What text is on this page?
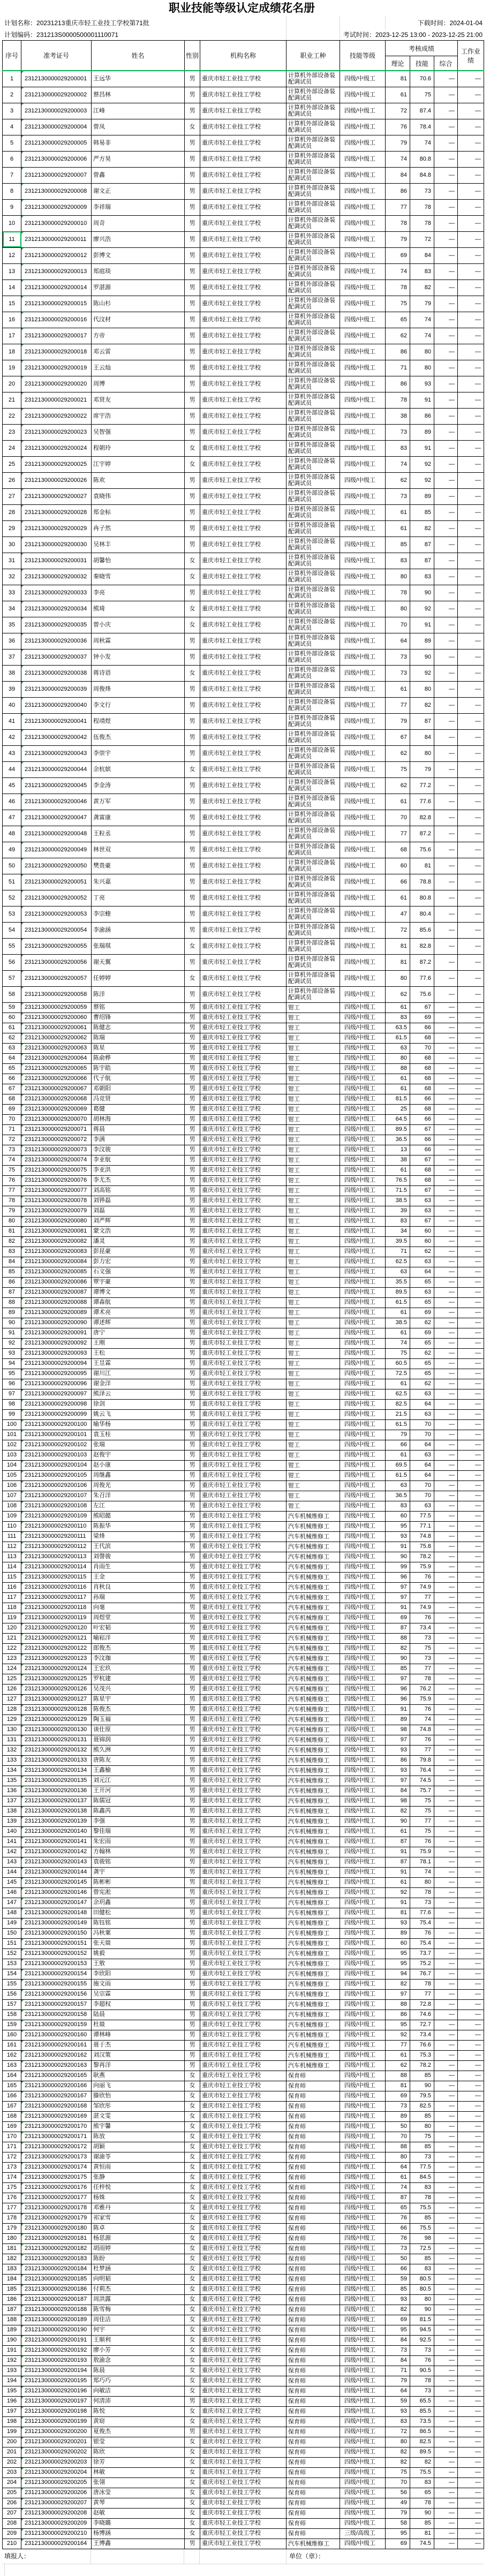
职业技能等级认定成绩花名册
计划名称：20231213重庆市轻工业技工学校第71批	下载时间：2024-01-04
计划编码：231213S0000500001110071	考试时间：2023-12-25 13:00 - 2023-12-25 21:00
序号	准考证号	姓名	性别	机构名称	职业工种	技能等级	考核成绩			工作业绩
							理论	技能	综合	
1	2312130000029200001	王远华	男	重庆市轻工业技工学校	计算机外部设备装配调试员	四级/中级工	81	70.6	—	—
2	2312130000029200002	蔡昌林	男	重庆市轻工业技工学校	计算机外部设备装配调试员	四级/中级工	61	75	—	—
3	2312130000029200003	江峰	男	重庆市轻工业技工学校	计算机外部设备装配调试员	四级/中级工	72	87.4	—	—
4	2312130000029200004	曾凤	女	重庆市轻工业技工学校	计算机外部设备装配调试员	四级/中级工	76	78.4	—	—
5	2312130000029200005	韩易非	男	重庆市轻工业技工学校	计算机外部设备装配调试员	四级/中级工	79	74	—	—
6	2312130000029200006	严方昊	男	重庆市轻工业技工学校	计算机外部设备装配调试员	四级/中级工	74	80.8	—	—
7	2312130000029200007	曾鑫	男	重庆市轻工业技工学校	计算机外部设备装配调试员	四级/中级工	84	84.8	—	—
8	2312130000029200008	谢文正	男	重庆市轻工业技工学校	计算机外部设备装配调试员	四级/中级工	86	73	—	—
9	2312130000029200009	李祥瑞	男	重庆市轻工业技工学校	计算机外部设备装配调试员	四级/中级工	77	78	—	—
10	2312130000029200010	周奇	男	重庆市轻工业技工学校	计算机外部设备装配调试员	四级/中级工	78	78	—	—
11	2312130000029200011	廖兴浩	男	重庆市轻工业技工学校	计算机外部设备装配调试员	四级/中级工	79	72	—	—
12	2312130000029200012	彭博文	男	重庆市轻工业技工学校	计算机外部设备装配调试员	四级/中级工	69	84	—	—
13	2312130000029200013	郑庭琰	男	重庆市轻工业技工学校	计算机外部设备装配调试员	四级/中级工	74	83	—	—
14	2312130000029200014	罗湛源	男	重庆市轻工业技工学校	计算机外部设备装配调试员	四级/中级工	78	82	—	—
15	2312130000029200015	陈山杉	男	重庆市轻工业技工学校	计算机外部设备装配调试员	四级/中级工	75	79	—	—
16	2312130000029200016	代汶材	男	重庆市轻工业技工学校	计算机外部设备装配调试员	四级/中级工	65	74	—	—
17	2312130000029200017	方帝	男	重庆市轻工业技工学校	计算机外部设备装配调试员	四级/中级工	62	74	—	—
18	2312130000029200018	邓云雷	男	重庆市轻工业技工学校	计算机外部设备装配调试员	四级/中级工	86	80	—	—
19	2312130000029200019	王云灿	男	重庆市轻工业技工学校	计算机外部设备装配调试员	四级/中级工	71	80	—	—
20	2312130000029200020	周博	男	重庆市轻工业技工学校	计算机外部设备装配调试员	四级/中级工	86	93	—	—
21	2312130000029200021	邓贤友	男	重庆市轻工业技工学校	计算机外部设备装配调试员	四级/中级工	78	91	—	—
22	2312130000029200022	席宇浩	男	重庆市轻工业技工学校	计算机外部设备装配调试员	四级/中级工	38	86	—	—
23	2312130000029200023	吴智强	男	重庆市轻工业技工学校	计算机外部设备装配调试员	四级/中级工	73	89	—	—
24	2312130000029200024	程朝玲	女	重庆市轻工业技工学校	计算机外部设备装配调试员	四级/中级工	83	91	—	—
25	2312130000029200025	江宇婷	女	重庆市轻工业技工学校	计算机外部设备装配调试员	四级/中级工	74	92	—	—
26	2312130000029200026	陈欢	男	重庆市轻工业技工学校	计算机外部设备装配调试员	四级/中级工	62	92	—	—
27	2312130000029200027	袁晓伟	男	重庆市轻工业技工学校	计算机外部设备装配调试员	四级/中级工	73	89	—	—
28	2312130000029200028	郑金标	男	重庆市轻工业技工学校	计算机外部设备装配调试员	四级/中级工	61	85	—	—
29	2312130000029200029	冉子然	男	重庆市轻工业技工学校	计算机外部设备装配调试员	四级/中级工	61	82	—	—
30	2312130000029200030	吴林丰	男	重庆市轻工业技工学校	计算机外部设备装配调试员	四级/中级工	85	87	—	—
31	2312130000029200031	胡馨怡	女	重庆市轻工业技工学校	计算机外部设备装配调试员	四级/中级工	83	87	—	—
32	2312130000029200032	秦晓雪	女	重庆市轻工业技工学校	计算机外部设备装配调试员	四级/中级工	80	83	—	—
33	2312130000029200033	李亮	男	重庆市轻工业技工学校	计算机外部设备装配调试员	四级/中级工	78	90	—	—
34	2312130000029200034	熊琦	女	重庆市轻工业技工学校	计算机外部设备装配调试员	四级/中级工	80	92	—	—
35	2312130000029200035	曾小庆	女	重庆市轻工业技工学校	计算机外部设备装配调试员	四级/中级工	70	91	—	—
36	2312130000029200036	周秋霖	男	重庆市轻工业技工学校	计算机外部设备装配调试员	四级/中级工	64	89	—	—
37	2312130000029200037	钟小发	男	重庆市轻工业技工学校	计算机外部设备装配调试员	四级/中级工	73	90	—	—
38	2312130000029200038	蒋诗语	女	重庆市轻工业技工学校	计算机外部设备装配调试员	四级/中级工	73	92	—	—
39	2312130000029200039	周俊烽	男	重庆市轻工业技工学校	计算机外部设备装配调试员	四级/中级工	61	80	—	—
40	2312130000029200040	李文行	男	重庆市轻工业技工学校	计算机外部设备装配调试员	四级/中级工	77	82	—	—
41	2312130000029200041	程靖煜	男	重庆市轻工业技工学校	计算机外部设备装配调试员	四级/中级工	79	87	—	—
42	2312130000029200042	伍俊杰	男	重庆市轻工业技工学校	计算机外部设备装配调试员	四级/中级工	67	84	—	—
43	2312130000029200043	李崇宇	男	重庆市轻工业技工学校	计算机外部设备装配调试员	四级/中级工	62	80	—	—
44	2312130000029200044	余杭嫔	女	重庆市轻工业技工学校	计算机外部设备装配调试员	四级/中级工	75	79	—	—
45	2312130000029200045	李金涛	男	重庆市轻工业技工学校	计算机外部设备装配调试员	四级/中级工	62	77.2	—	—
46	2312130000029200046	黄万军	男	重庆市轻工业技工学校	计算机外部设备装配调试员	四级/中级工	61	77.6	—	—
47	2312130000029200047	龚富康	男	重庆市轻工业技工学校	计算机外部设备装配调试员	四级/中级工	70	82.8	—	—
48	2312130000029200048	王粒丞	男	重庆市轻工业技工学校	计算机外部设备装配调试员	四级/中级工	77	87.2	—	—
49	2312130000029200049	林世双	男	重庆市轻工业技工学校	计算机外部设备装配调试员	四级/中级工	68	75.6	—	—
50	2312130000029200050	樊贵豪	男	重庆市轻工业技工学校	计算机外部设备装配调试员	四级/中级工	60	81	—	—
51	2312130000029200051	朱兴嘉	男	重庆市轻工业技工学校	计算机外部设备装配调试员	四级/中级工	66	78.8	—	—
52	2312130000029200052	丁亮	男	重庆市轻工业技工学校	计算机外部设备装配调试员	四级/中级工	61	80.8	—	—
53	2312130000029200053	李宗蝰	男	重庆市轻工业技工学校	计算机外部设备装配调试员	四级/中级工	47	80.4	—	—
54	2312130000029200054	李渝涵	男	重庆市轻工业技工学校	计算机外部设备装配调试员	四级/中级工	72	85.6	—	—
55	2312130000029200055	张瑞琪	女	重庆市轻工业技工学校	计算机外部设备装配调试员	四级/中级工	81	82.8	—	—
56	2312130000029200056	谢天翼	男	重庆市轻工业技工学校	计算机外部设备装配调试员	四级/中级工	81	87.2	—	—
57	2312130000029200057	任婷婷	女	重庆市轻工业技工学校	计算机外部设备装配调试员	四级/中级工	80	77.6	—	—
58	2312130000029200058	陈洋	男	重庆市轻工业技工学校	计算机外部设备装配调试员	四级/中级工	62	75.6	—	—
59	2312130000029200059	蔡铭	男	重庆市轻工业技工学校	钳工	四级/中级工	61	67	—	—
60	2312130000029200060	曹绍锋	男	重庆市轻工业技工学校	钳工	四级/中级工	83	69	—	—
61	2312130000029200061	陈健志	男	重庆市轻工业技工学校	钳工	四级/中级工	63.5	66	—	—
62	2312130000029200062	陈瑞	男	重庆市轻工业技工学校	钳工	四级/中级工	61.5	68	—	—
63	2312130000029200063	陈星	男	重庆市轻工业技工学校	钳工	四级/中级工	63	70	—	—
64	2312130000029200064	陈俞桦	男	重庆市轻工业技工学校	钳工	四级/中级工	80	68	—	—
65	2312130000029200065	陈宇皓	男	重庆市轻工业技工学校	钳工	四级/中级工	88	68	—	—
66	2312130000029200066	代子航	男	重庆市轻工业技工学校	钳工	四级/中级工	61	68	—	—
67	2312130000029200067	邓朝阳	男	重庆市轻工业技工学校	钳工	四级/中级工	61	68	—	—
68	2312130000029200068	冯竞贤	男	重庆市轻工业技工学校	钳工	四级/中级工	81.5	66	—	—
69	2312130000029200069	葛健	男	重庆市轻工业技工学校	钳工	四级/中级工	25	68	—	—
70	2312130000029200070	胡林海	男	重庆市轻工业技工学校	钳工	四级/中级工	64.5	66	—	—
71	2312130000029200071	蒋晨	男	重庆市轻工业技工学校	钳工	四级/中级工	89.5	67	—	—
72	2312130000029200072	李满	男	重庆市轻工业技工学校	钳工	四级/中级工	36.5	66	—	—
73	2312130000029200073	李汶骏	男	重庆市轻工业技工学校	钳工	四级/中级工	13	66	—	—
74	2312130000029200074	李亚航	男	重庆市轻工业技工学校	钳工	四级/中级工	38	67	—	—
75	2312130000029200075	李亚洪	男	重庆市轻工业技工学校	钳工	四级/中级工	61	68	—	—
76	2312130000029200076	李尤杰	男	重庆市轻工业技工学校	钳工	四级/中级工	76.5	68	—	—
77	2312130000029200077	刘高铭	男	重庆市轻工业技工学校	钳工	四级/中级工	71.5	67	—	—
78	2312130000029200078	刘铧磊	男	重庆市轻工业技工学校	钳工	四级/中级工	38.5	63	—	—
79	2312130000029200079	刘磊	男	重庆市轻工业技工学校	钳工	四级/中级工	39	63	—	—
80	2312130000029200080	刘严辉	男	重庆市轻工业技工学校	钳工	四级/中级工	83	67	—	—
81	2312130000029200081	蒙文浩	男	重庆市轻工业技工学校	钳工	四级/中级工	34	60	—	—
82	2312130000029200082	潘灵	男	重庆市轻工业技工学校	钳工	四级/中级工	39.5	60	—	—
83	2312130000029200083	彭昆豪	男	重庆市轻工业技工学校	钳工	四级/中级工	71	62	—	—
84	2312130000029200084	彭力宏	男	重庆市轻工业技工学校	钳工	四级/中级工	62.5	63	—	—
85	2312130000029200085	石文强	男	重庆市轻工业技工学校	钳工	四级/中级工	63	64	—	—
86	2312130000029200086	覃宇豪	男	重庆市轻工业技工学校	钳工	四级/中级工	35.5	65	—	—
87	2312130000029200087	谭博文	男	重庆市轻工业技工学校	钳工	四级/中级工	89.5	63	—	—
88	2312130000029200088	谭森航	男	重庆市轻工业技工学校	钳工	四级/中级工	61.5	65	—	—
89	2312130000029200089	谭术亮	男	重庆市轻工业技工学校	钳工	四级/中级工	61	69	—	—
90	2312130000029200090	谭述辉	男	重庆市轻工业技工学校	钳工	四级/中级工	38.5	62	—	—
91	2312130000029200091	唐宁	男	重庆市轻工业技工学校	钳工	四级/中级工	61	69	—	—
92	2312130000029200092	王刚	男	重庆市轻工业技工学校	钳工	四级/中级工	74	65	—	—
93	2312130000029200093	王松	男	重庆市轻工业技工学校	钳工	四级/中级工	75	62	—	—
94	2312130000029200094	王昱霖	男	重庆市轻工业技工学校	钳工	四级/中级工	60.5	65	—	—
95	2312130000029200095	谢川江	男	重庆市轻工业技工学校	钳工	四级/中级工	72.5	65	—	—
96	2312130000029200096	谢金洋	男	重庆市轻工业技工学校	钳工	四级/中级工	61	62	—	—
97	2312130000029200097	熊泽云	男	重庆市轻工业技工学校	钳工	四级/中级工	62.5	63	—	—
98	2312130000029200098	徐剑	男	重庆市轻工业技工学校	钳工	四级/中级工	82.5	64	—	—
99	2312130000029200099	姚云飞	男	重庆市轻工业技工学校	钳工	四级/中级工	21.5	63	—	—
100	2312130000029200100	喻华杨	男	重庆市轻工业技工学校	钳工	四级/中级工	61.5	70	—	—
101	2312130000029200101	袁玉桂	男	重庆市轻工业技工学校	钳工	四级/中级工	79	70	—	—
102	2312130000029200102	张瑞	男	重庆市轻工业技工学校	钳工	四级/中级工	66	64	—	—
103	2312130000029200103	赵俊宇	男	重庆市轻工业技工学校	钳工	四级/中级工	61	63	—	—
104	2312130000029200104	赵小康	男	重庆市轻工业技工学校	钳工	四级/中级工	69.5	64	—	—
105	2312130000029200105	周继鑫	男	重庆市轻工业技工学校	钳工	四级/中级工	61.5	64	—	—
106	2312130000029200106	周俊光	男	重庆市轻工业技工学校	钳工	四级/中级工	63	70	—	—
107	2312130000029200107	朱召洋	男	重庆市轻工业技工学校	钳工	四级/中级工	36.5	70	—	—
108	2312130000029200108	左江	男	重庆市轻工业技工学校	钳工	四级/中级工	83	63	—	—
109	2312130000029200109	熊昭懿	男	重庆市轻工业技工学校	汽车机械维修工	四级/中级工	60	77.5	—	—
110	2312130000029200110	陈振华	男	重庆市轻工业技工学校	汽车机械维修工	四级/中级工	95	77.1	—	—
111	2312130000029200111	梁烽	男	重庆市轻工业技工学校	汽车机械维修工	四级/中级工	93	74.8	—	—
112	2312130000029200112	王代滨	男	重庆市轻工业技工学校	汽车机械维修工	四级/中级工	91	75.8	—	—
113	2312130000029200113	刘謦骏	男	重庆市轻工业技工学校	汽车机械维修工	四级/中级工	90	78.2	—	—
114	2312130000029200114	肖雨生	男	重庆市轻工业技工学校	汽车机械维修工	四级/中级工	99	75.9	—	—
115	2312130000029200115	王金	男	重庆市轻工业技工学校	汽车机械维修工	四级/中级工	96	76	—	—
116	2312130000029200116	肖秋良	男	重庆市轻工业技工学校	汽车机械维修工	四级/中级工	97	74.9	—	—
117	2312130000029200117	孙瑞	男	重庆市轻工业技工学校	汽车机械维修工	四级/中级工	97	77	—	—
118	2312130000029200118	向毫	男	重庆市轻工业技工学校	汽车机械维修工	四级/中级工	91	74.9	—	—
119	2312130000029200119	周煜堂	男	重庆市轻工业技工学校	汽车机械维修工	四级/中级工	69	76	—	—
120	2312130000029200120	叶宏韬	男	重庆市轻工业技工学校	汽车机械维修工	四级/中级工	87	73.4	—	—
121	2312130000029200121	喻崧洋	男	重庆市轻工业技工学校	汽车机械维修工	四级/中级工	88	73	—	—
122	2312130000029200122	郎俊杰	男	重庆市轻工业技工学校	汽车机械维修工	四级/中级工	82	75	—	—
123	2312130000029200123	李汶珈	男	重庆市轻工业技工学校	汽车机械维修工	四级/中级工	90	73	—	—
124	2312130000029200124	王宏玖	男	重庆市轻工业技工学校	汽车机械维修工	四级/中级工	85	77	—	—
125	2312130000029200125	罗杭建	男	重庆市轻工业技工学校	汽车机械维修工	四级/中级工	97	78	—	—
126	2312130000029200126	吴茂兴	男	重庆市轻工业技工学校	汽车机械维修工	四级/中级工	96	76.2	—	—
127	2312130000029200127	陈星宇	男	重庆市轻工业技工学校	汽车机械维修工	四级/中级工	96	75.9	—	—
128	2312130000029200128	陈俊杰	男	重庆市轻工业技工学校	汽车机械维修工	四级/中级工	91	76	—	—
129	2312130000029200129	陶玉福	男	重庆市轻工业技工学校	汽车机械维修工	四级/中级工	89	74	—	—
130	2312130000029200130	谈仕原	男	重庆市轻工业技工学校	汽车机械维修工	四级/中级工	98	74.8	—	—
131	2312130000029200131	聂锦润	男	重庆市轻工业技工学校	汽车机械维修工	四级/中级工	97	76	—	—
132	2312130000029200132	熊久洲	男	重庆市轻工业技工学校	汽车机械维修工	四级/中级工	93	77	—	—
133	2312130000029200133	唐陈友	男	重庆市轻工业技工学校	汽车机械维修工	四级/中级工	86	79.8	—	—
134	2312130000029200134	王鑫榆	男	重庆市轻工业技工学校	汽车机械维修工	四级/中级工	93	76.4	—	—
135	2312130000029200135	刘元江	男	重庆市轻工业技工学校	汽车机械维修工	四级/中级工	97	74.5	—	—
136	2312130000029200136	王开河	男	重庆市轻工业技工学校	汽车机械维修工	四级/中级工	84	75.7	—	—
137	2312130000029200137	陈儒冠	男	重庆市轻工业技工学校	汽车机械维修工	四级/中级工	98	75	—	—
138	2312130000029200138	陈鑫芮	男	重庆市轻工业技工学校	汽车机械维修工	四级/中级工	82	75	—	—
139	2312130000029200139	李强	男	重庆市轻工业技工学校	汽车机械维修工	四级/中级工	90	77	—	—
140	2312130000029200140	黎佳瑞	男	重庆市轻工业技工学校	汽车机械维修工	四级/中级工	61	75	—	—
141	2312130000029200141	朱宏雨	男	重庆市轻工业技工学校	汽车机械维修工	四级/中级工	87	76	—	—
142	2312130000029200142	方翰林	男	重庆市轻工业技工学校	汽车机械维修工	四级/中级工	91	75.9	—	—
143	2312130000029200143	袁骏铭	男	重庆市轻工业技工学校	汽车机械维修工	四级/中级工	87	78.1	—	—
144	2312130000029200144	龚宇	男	重庆市轻工业技工学校	汽车机械维修工	四级/中级工	91	74	—	—
145	2312130000029200145	陈彬彬	男	重庆市轻工业技工学校	汽车机械维修工	四级/中级工	61	80	—	—
146	2312130000029200146	曾宪淞	男	重庆市轻工业技工学校	汽车机械维修工	四级/中级工	92	78	—	—
147	2312130000029200147	余玥鑫	男	重庆市轻工业技工学校	汽车机械维修工	四级/中级工	91	73	—	—
148	2312130000029200148	田健松	男	重庆市轻工业技工学校	汽车机械维修工	四级/中级工	81	77.6	—	—
149	2312130000029200149	陈钰铭	男	重庆市轻工业技工学校	汽车机械维修工	四级/中级工	93	75.4	—	—
150	2312130000029200150	冯秋粟	男	重庆市轻工业技工学校	汽车机械维修工	四级/中级工	89	76	—	—
151	2312130000029200151	张天燚	男	重庆市轻工业技工学校	汽车机械维修工	四级/中级工	60	75.4	—	—
152	2312130000029200152	姚毅	男	重庆市轻工业技工学校	汽车机械维修工	四级/中级工	95	73.7	—	—
153	2312130000029200153	王敫	男	重庆市轻工业技工学校	汽车机械维修工	四级/中级工	95	75.2	—	—
154	2312130000029200154	李欣阳	男	重庆市轻工业技工学校	汽车机械维修工	四级/中级工	94	76.7	—	—
155	2312130000029200155	施文雨	男	重庆市轻工业技工学校	汽车机械维修工	四级/中级工	82	78	—	—
156	2312130000029200156	吴宗霖	男	重庆市轻工业技工学校	汽车机械维修工	四级/中级工	97	77	—	—
157	2312130000029200157	李超权	男	重庆市轻工业技工学校	汽车机械维修工	四级/中级工	88	72.8	—	—
158	2312130000029200158	陆晨	男	重庆市轻工业技工学校	汽车机械维修工	四级/中级工	86	74.6	—	—
159	2312130000029200159	杜燚	男	重庆市轻工业技工学校	汽车机械维修工	四级/中级工	95	72.7	—	—
160	2312130000029200160	谭林峰	男	重庆市轻工业技工学校	汽车机械维修工	四级/中级工	92	73.4	—	—
161	2312130000029200161	聂于杰	男	重庆市轻工业技工学校	汽车机械维修工	四级/中级工	77	76.6	—	—
162	2312130000029200162	刘汉策	男	重庆市轻工业技工学校	汽车机械维修工	四级/中级工	61	75.3	—	—
163	2312130000029200163	黎再洋	男	重庆市轻工业技工学校	汽车机械维修工	四级/中级工	62	78.2	—	—
164	2312130000029200165	耿燕	女	重庆市轻工业技工学校	保育师	四级/中级工	88	85	—	—
165	2312130000029200166	向丽飞	女	重庆市轻工业技工学校	保育师	四级/中级工	81	90	—	—
166	2312130000029200167	滕欣怡	女	重庆市轻工业技工学校	保育师	四级/中级工	69	79.5	—	—
167	2312130000029200168	邹欣彤	女	重庆市轻工业技工学校	保育师	四级/中级工	73	82.5	—	—
168	2312130000029200169	湛文雯	女	重庆市轻工业技工学校	保育师	四级/中级工	89	85	—	—
169	2312130000029200170	熊宇馨	女	重庆市轻工业技工学校	保育师	四级/中级工	50	80	—	—
170	2312130000029200171	陈放	女	重庆市轻工业技工学校	保育师	四级/中级工	70	75	—	—
171	2312130000029200172	胡颖	女	重庆市轻工业技工学校	保育师	四级/中级工	88	85	—	—
172	2312130000029200173	谢渝苓	女	重庆市轻工业技工学校	保育师	四级/中级工	80	73	—	—
173	2312130000029200174	黄恒雨	女	重庆市轻工业技工学校	保育师	四级/中级工	64	77.5	—	—
174	2312130000029200175	张静	女	重庆市轻工业技工学校	保育师	四级/中级工	61	84.5	—	—
175	2312130000029200176	任梓悦	女	重庆市轻工业技工学校	保育师	四级/中级工	74	83	—	—
176	2312130000029200177	杨姝	女	重庆市轻工业技工学校	保育师	四级/中级工	87	78	—	—
177	2312130000029200178	邓雅丹	女	重庆市轻工业技工学校	保育师	四级/中级工	65	75.5	—	—
178	2312130000029200179	祁家雪	女	重庆市轻工业技工学校	保育师	四级/中级工	76	85	—	—
179	2312130000029200180	陈卓	女	重庆市轻工业技工学校	保育师	四级/中级工	66	75.5	—	—
180	2312130000029200181	杨思源	女	重庆市轻工业技工学校	保育师	四级/中级工	76	98	—	—
181	2312130000029200182	胡雨婷	女	重庆市轻工业技工学校	保育师	四级/中级工	73	72.5	—	—
182	2312130000029200183	陈盼	女	重庆市轻工业技工学校	保育师	四级/中级工	50	85	—	—
183	2312130000029200184	杜梦涵	女	重庆市轻工业技工学校	保育师	四级/中级工	66	83	—	—
184	2312130000029200185	向明韬	女	重庆市轻工业技工学校	保育师	四级/中级工	59	80.5	—	—
185	2312130000029200186	付莉杰	女	重庆市轻工业技工学校	保育师	四级/中级工	85	80.5	—	—
186	2312130000029200187	周洪露	女	重庆市轻工业技工学校	保育师	四级/中级工	93	80	—	—
187	2312130000029200188	陈雪梅	女	重庆市轻工业技工学校	保育师	四级/中级工	82	90	—	—
188	2312130000029200189	周佳洁	女	重庆市轻工业技工学校	保育师	四级/中级工	69	81.5	—	—
189	2312130000029200190	何宇	女	重庆市轻工业技工学校	保育师	四级/中级工	95	94.5	—	—
190	2312130000029200191	王顺利	女	重庆市轻工业技工学校	保育师	四级/中级工	84	92.5	—	—
191	2312130000029200192	廖小芳	女	重庆市轻工业技工学校	保育师	四级/中级工	73	73	—	—
192	2312130000029200193	敖渝念	女	重庆市轻工业技工学校	保育师	四级/中级工	84	76	—	—
193	2312130000029200194	陈晨	女	重庆市轻工业技工学校	保育师	四级/中级工	71	90.5	—	—
194	2312130000029200195	郑巧巧	女	重庆市轻工业技工学校	保育师	四级/中级工	79	78	—	—
195	2312130000029200196	向敏洁	女	重庆市轻工业技工学校	保育师	四级/中级工	64	73	—	—
196	2312130000029200197	何清沛	男	重庆市轻工业技工学校	保育师	四级/中级工	59	65.5	—	—
197	2312130000029200198	陈悦	女	重庆市轻工业技工学校	保育师	四级/中级工	93	85.5	—	—
198	2312130000029200199	黄窈	女	重庆市轻工业技工学校	保育师	四级/中级工	83	73.5	—	—
199	2312130000029200200	夏俊杰	男	重庆市轻工业技工学校	保育师	四级/中级工	72	86.5	—	—
200	2312130000029200201	银莹	女	重庆市轻工业技工学校	保育师	四级/中级工	80	82.5	—	—
201	2312130000029200202	陈欣	女	重庆市轻工业技工学校	保育师	四级/中级工	82	89.5	—	—
202	2312130000029200203	徐芳	女	重庆市轻工业技工学校	保育师	四级/中级工	82	82	—	—
203	2312130000029200204	林敏	女	重庆市轻工业技工学校	保育师	四级/中级工	75	75.5	—	—
204	2312130000029200205	张翎	女	重庆市轻工业技工学校	保育师	四级/中级工	70	83	—	—
205	2312130000029200206	唐冰莹	女	重庆市轻工业技工学校	保育师	四级/中级工	56	65	—	—
206	2312130000029200207	黄琴	女	重庆市轻工业技工学校	保育师	四级/中级工	49	78	—	—
207	2312130000029200208	赵敏	女	重庆市轻工业技工学校	保育师	四级/中级工	79	90	—	—
208	2312130000029200209	李晓璐	女	重庆市轻工业技工学校	保育师	四级/中级工	58	85	—	—
209	2312130000029200210	杨博涵	女	重庆市轻工业技工学校	保育师	三级/高级工	95	81	—	—
210	2312130000029200164	王博鑫	男	重庆市轻工业技工学校	汽车机械维修工	四级/中级工	69	74.5	—	—
填报人：	单位（章）：
